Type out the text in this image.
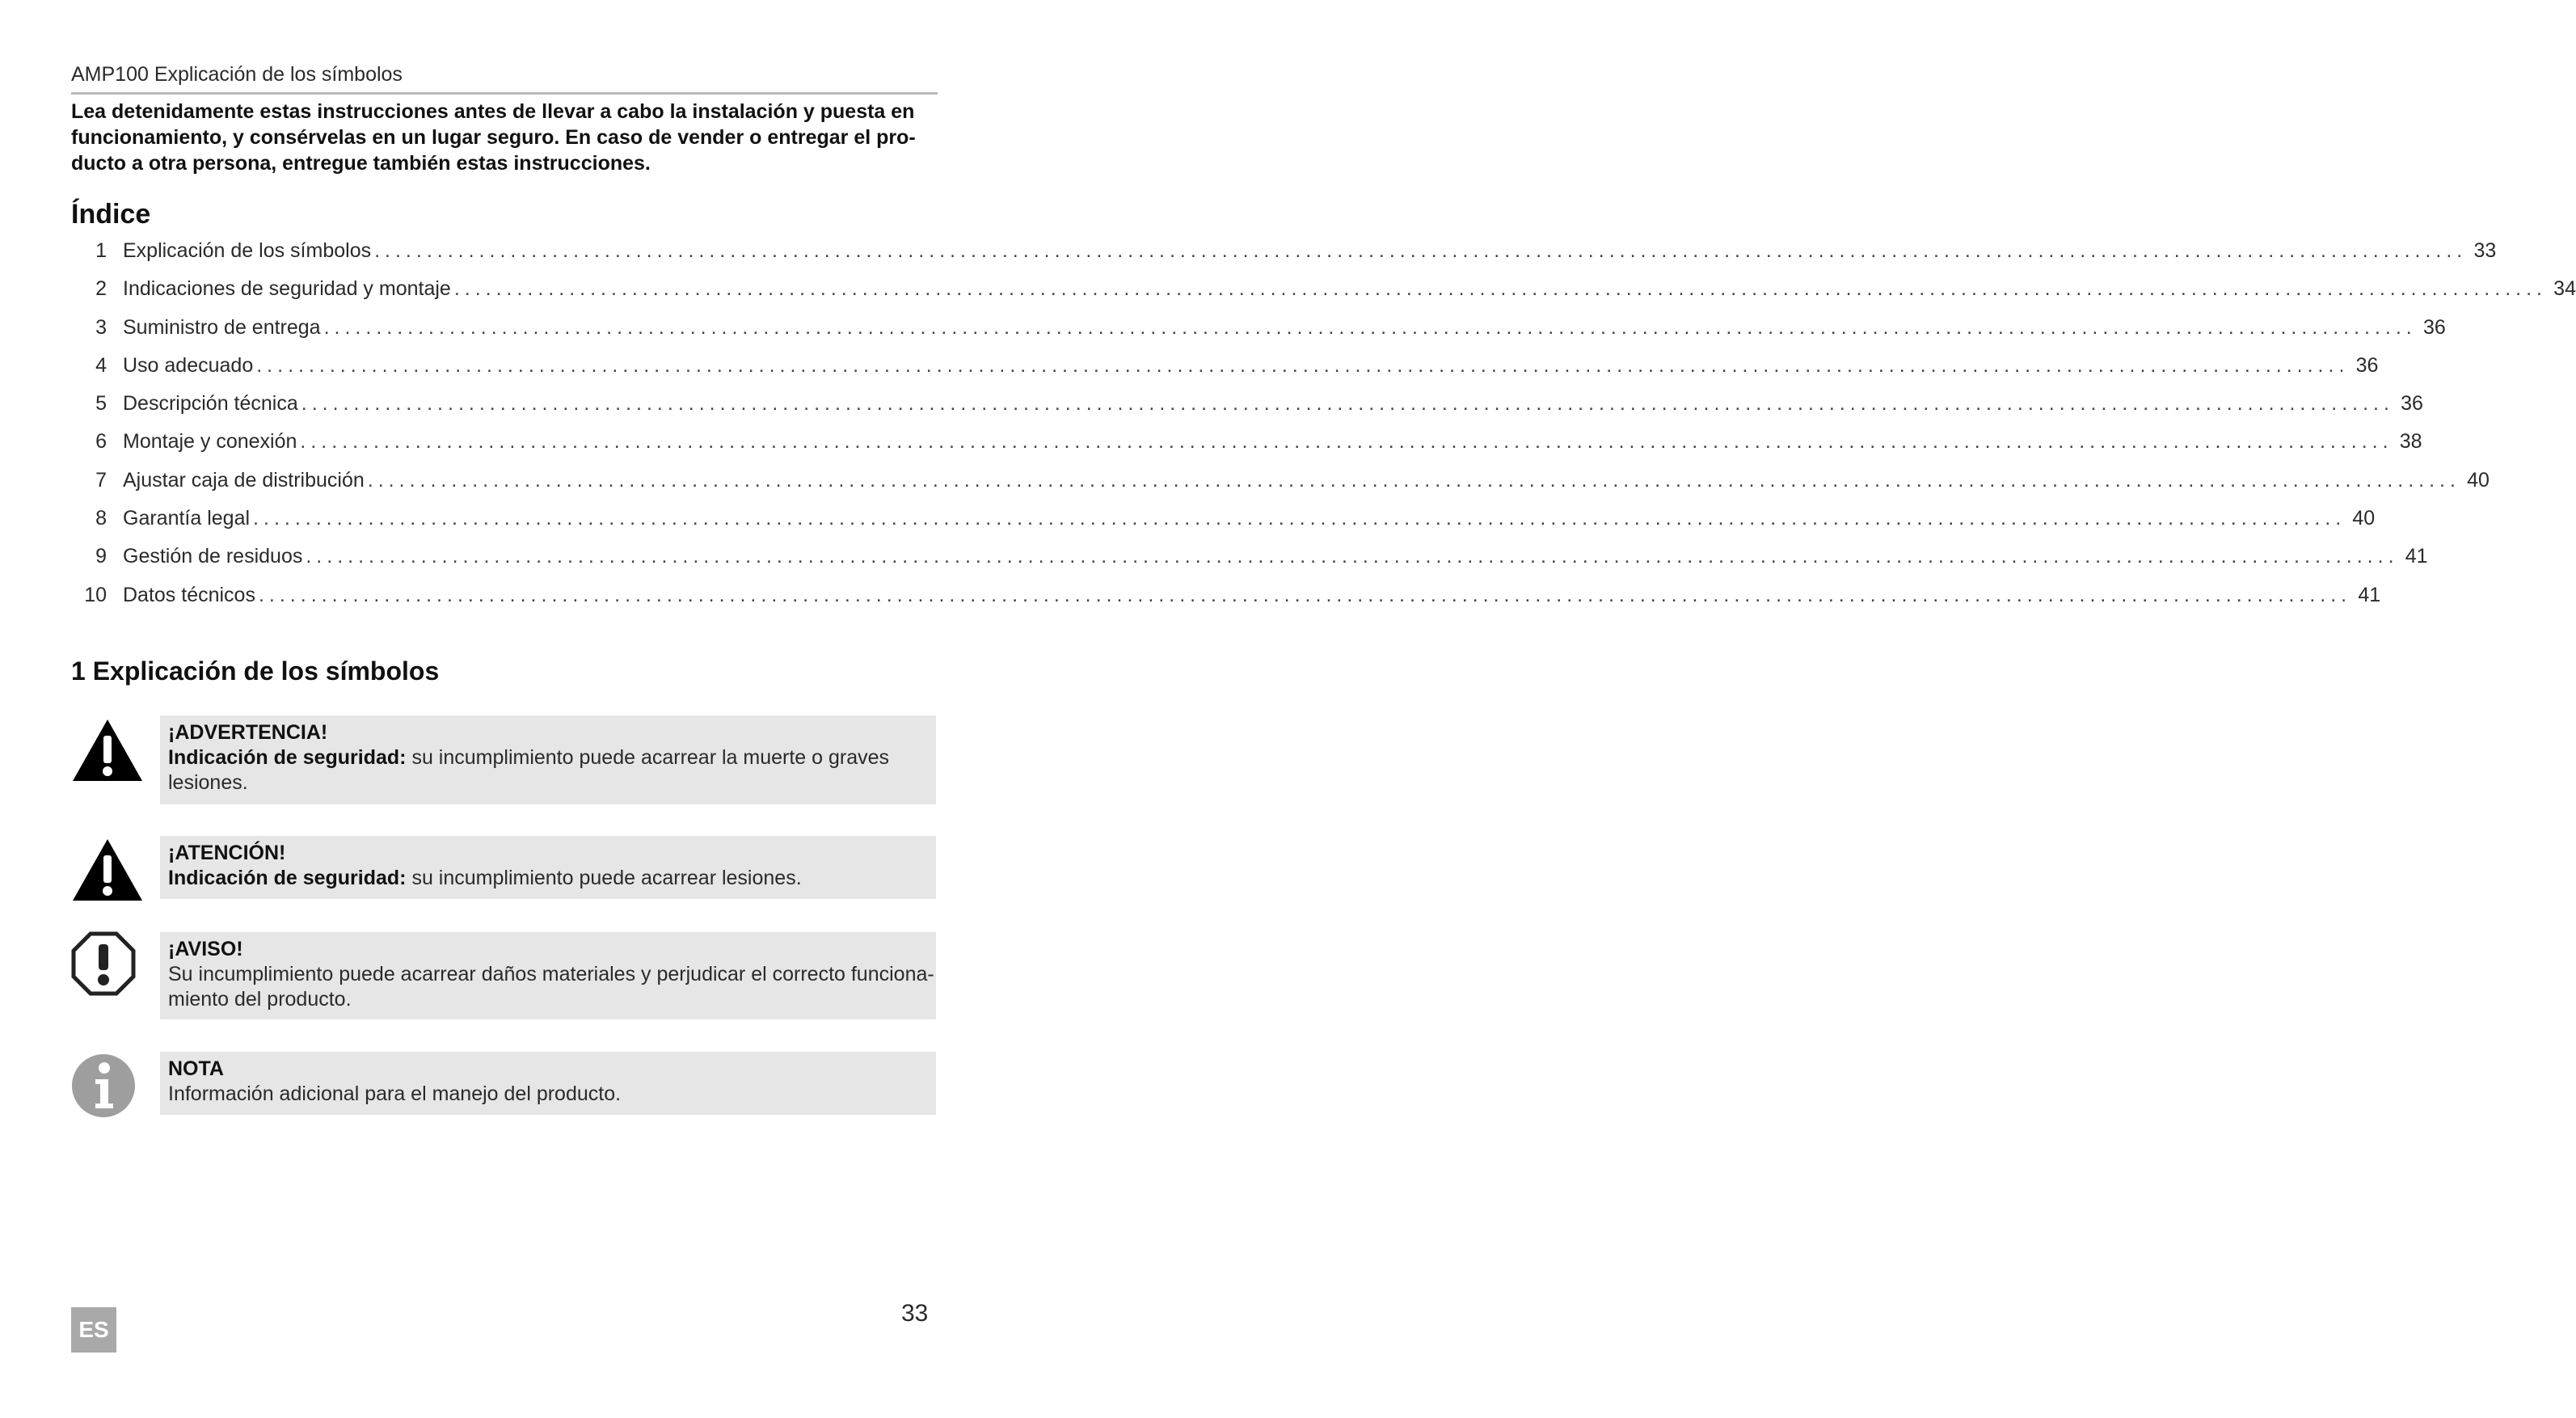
AMP100 Explicación de los símbolos
Lea detenidamente estas instrucciones antes de llevar a cabo la instalación y puesta en
funcionamiento, y consérvelas en un lugar seguro. En caso de vender o entregar el pro-
ducto a otra persona, entregue también estas instrucciones.
Índice
1 Explicación de los símbolos ........................................................................................................................................................................................................ 33
2 Indicaciones de seguridad y montaje ........................................................................................................................................................................................................ 34
3 Suministro de entrega ........................................................................................................................................................................................................ 36
4 Uso adecuado ........................................................................................................................................................................................................ 36
5 Descripción técnica ........................................................................................................................................................................................................ 36
6 Montaje y conexión ........................................................................................................................................................................................................ 38
7 Ajustar caja de distribución ........................................................................................................................................................................................................ 40
8 Garantía legal ........................................................................................................................................................................................................ 40
9 Gestión de residuos ........................................................................................................................................................................................................ 41
10 Datos técnicos ........................................................................................................................................................................................................ 41
1 Explicación de los símbolos
¡ADVERTENCIA!
Indicación de seguridad: su incumplimiento puede acarrear la muerte o graves
lesiones.
¡ATENCIÓN!
Indicación de seguridad: su incumplimiento puede acarrear lesiones.
¡AVISO!
Su incumplimiento puede acarrear daños materiales y perjudicar el correcto funciona-
miento del producto.
NOTA
Información adicional para el manejo del producto.
ES
33
